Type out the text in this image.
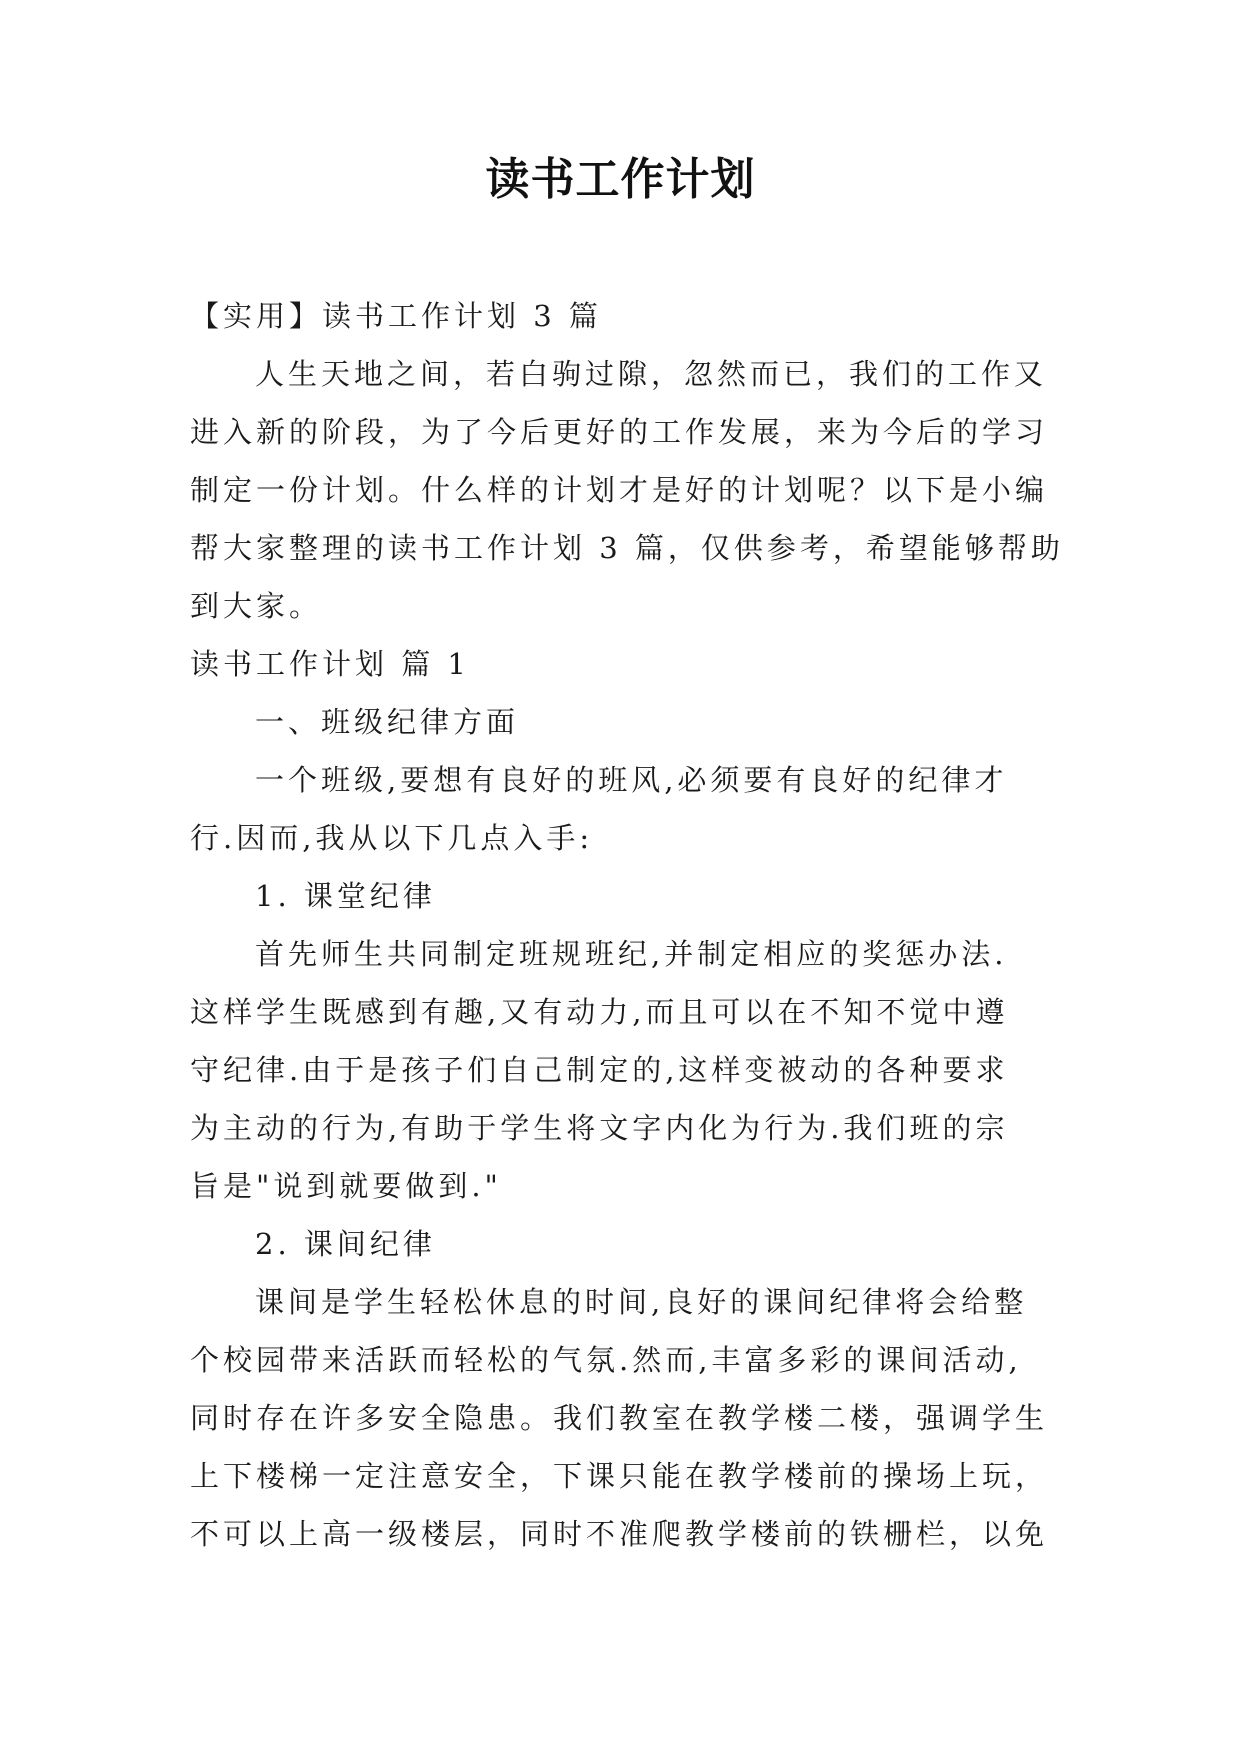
读书工作计划
【实用】读书工作计划 3 篇
人生天地之间，若白驹过隙，忽然而已，我们的工作又
进入新的阶段，为了今后更好的工作发展，来为今后的学习
制定一份计划。什么样的计划才是好的计划呢？以下是小编
帮大家整理的读书工作计划 3 篇，仅供参考，希望能够帮助
到大家。
读书工作计划 篇 1
一、班级纪律方面
一个班级,要想有良好的班风,必须要有良好的纪律才
行.因而,我从以下几点入手:
1. 课堂纪律
首先师生共同制定班规班纪,并制定相应的奖惩办法.
这样学生既感到有趣,又有动力,而且可以在不知不觉中遵
守纪律.由于是孩子们自己制定的,这样变被动的各种要求
为主动的行为,有助于学生将文字内化为行为.我们班的宗
旨是"说到就要做到."
2. 课间纪律
课间是学生轻松休息的时间,良好的课间纪律将会给整
个校园带来活跃而轻松的气氛.然而,丰富多彩的课间活动,
同时存在许多安全隐患。我们教室在教学楼二楼，强调学生
上下楼梯一定注意安全，下课只能在教学楼前的操场上玩，
不可以上高一级楼层，同时不准爬教学楼前的铁栅栏，以免
